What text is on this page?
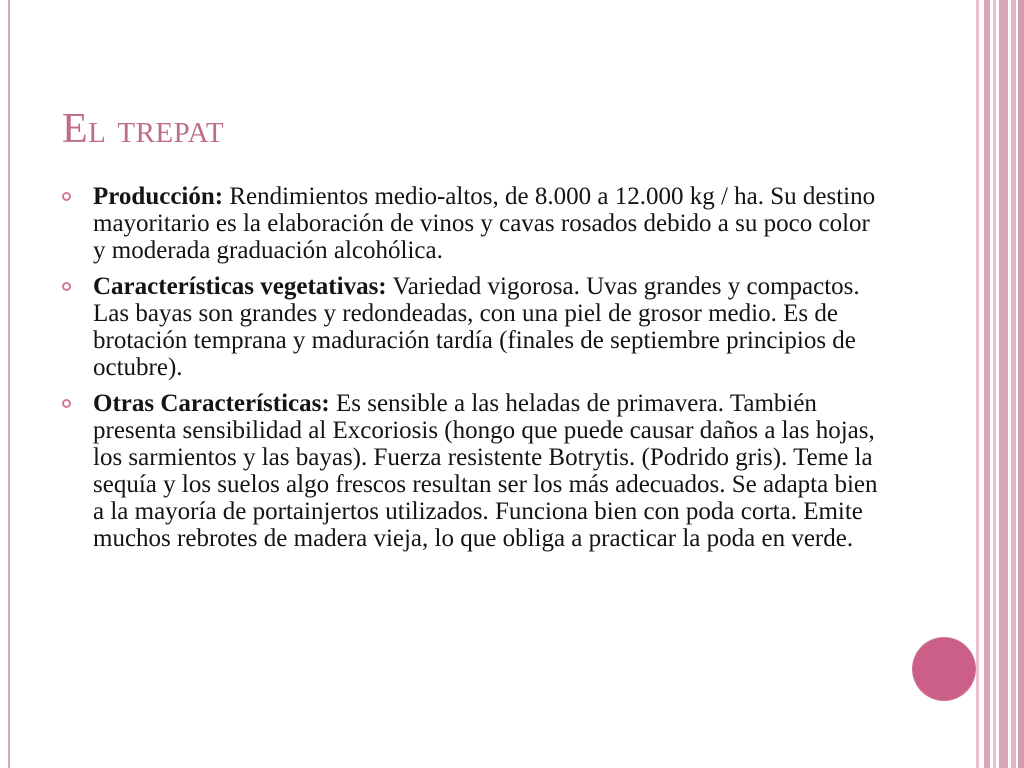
El trepat
Producción: Rendimientos medio-altos, de 8.000 a 12.000 kg / ha. Su destino mayoritario es la elaboración de vinos y cavas rosados debido a su poco color y moderada graduación alcohólica.
Características vegetativas: Variedad vigorosa. Uvas grandes y compactos. Las bayas son grandes y redondeadas, con una piel de grosor medio. Es de brotación temprana y maduración tardía (finales de septiembre principios de octubre).
Otras Características: Es sensible a las heladas de primavera. También presenta sensibilidad al Excoriosis (hongo que puede causar daños a las hojas, los sarmientos y las bayas). Fuerza resistente Botrytis. (Podrido gris). Teme la sequía y los suelos algo frescos resultan ser los más adecuados. Se adapta bien a la mayoría de portainjertos utilizados. Funciona bien con poda corta. Emite muchos rebrotes de madera vieja, lo que obliga a practicar la poda en verde.
